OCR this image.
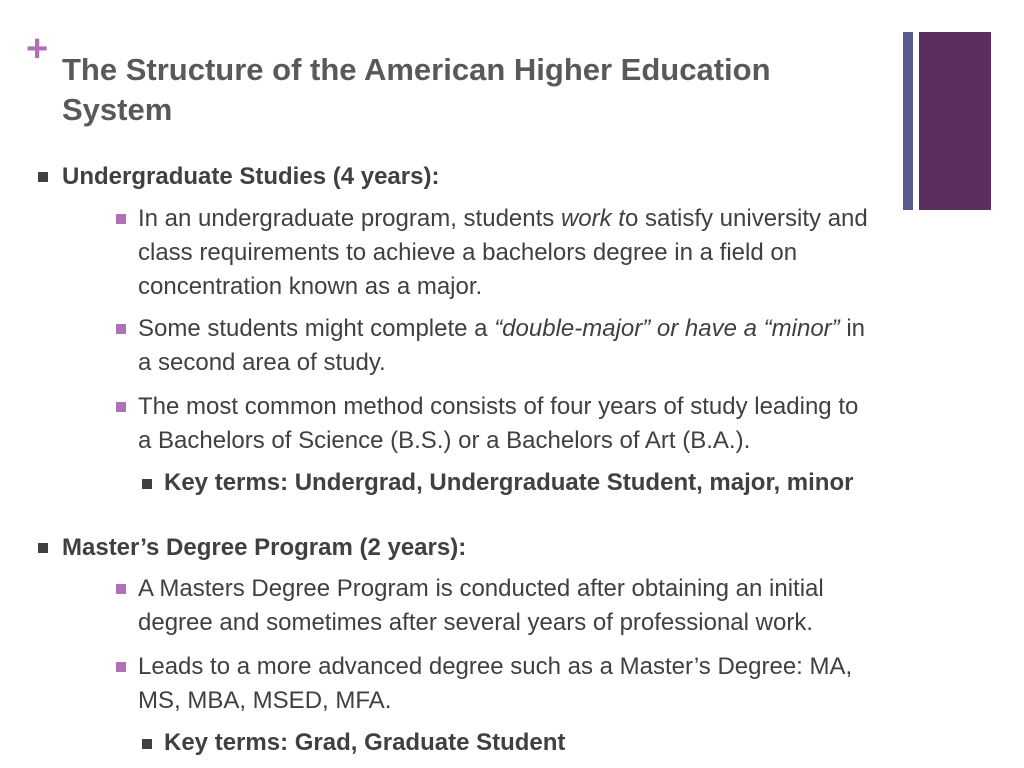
+ The Structure of the American Higher Education System
Undergraduate Studies (4 years):
In an undergraduate program, students work to satisfy university and
class requirements to achieve a bachelors degree in a field on
concentration known as a major.
Some students might complete a “double-major” or have a “minor” in
a second area of study.
The most common method consists of four years of study leading to
a Bachelors of Science (B.S.) or a Bachelors of Art (B.A.).
Key terms: Undergrad, Undergraduate Student, major, minor
Master’s Degree Program (2 years):
A Masters Degree Program is conducted after obtaining an initial
degree and sometimes after several years of professional work.
Leads to a more advanced degree such as a Master’s Degree: MA,
MS, MBA, MSED, MFA.
Key terms: Grad, Graduate Student
